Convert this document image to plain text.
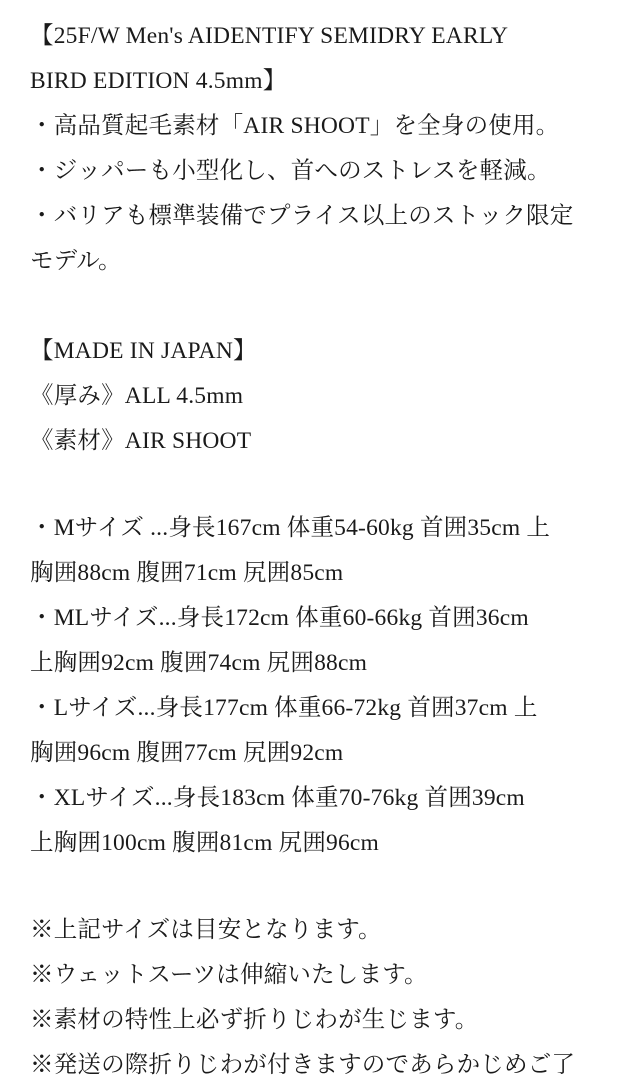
【25F/W Men's AIDENTIFY SEMIDRY EARLY
BIRD EDITION 4.5mm】
・高品質起毛素材「AIR SHOOT」を全身の使用。
・ジッパーも小型化し、首へのストレスを軽減。
・バリアも標準装備でプライス以上のストック限定
モデル。
【MADE IN JAPAN】
《厚み》ALL 4.5mm
《素材》AIR SHOOT
・Mサイズ ...身長167cm 体重54-60kg 首囲35cm 上
胸囲88cm 腹囲71cm 尻囲85cm
・MLサイズ...身長172cm 体重60-66kg 首囲36cm
上胸囲92cm 腹囲74cm 尻囲88cm
・Lサイズ...身長177cm 体重66-72kg 首囲37cm 上
胸囲96cm 腹囲77cm 尻囲92cm
・XLサイズ...身長183cm 体重70-76kg 首囲39cm
上胸囲100cm 腹囲81cm 尻囲96cm
※上記サイズは目安となります。
※ウェットスーツは伸縮いたします。
※素材の特性上必ず折りじわが生じます。
※発送の際折りじわが付きますのであらかじめご了
